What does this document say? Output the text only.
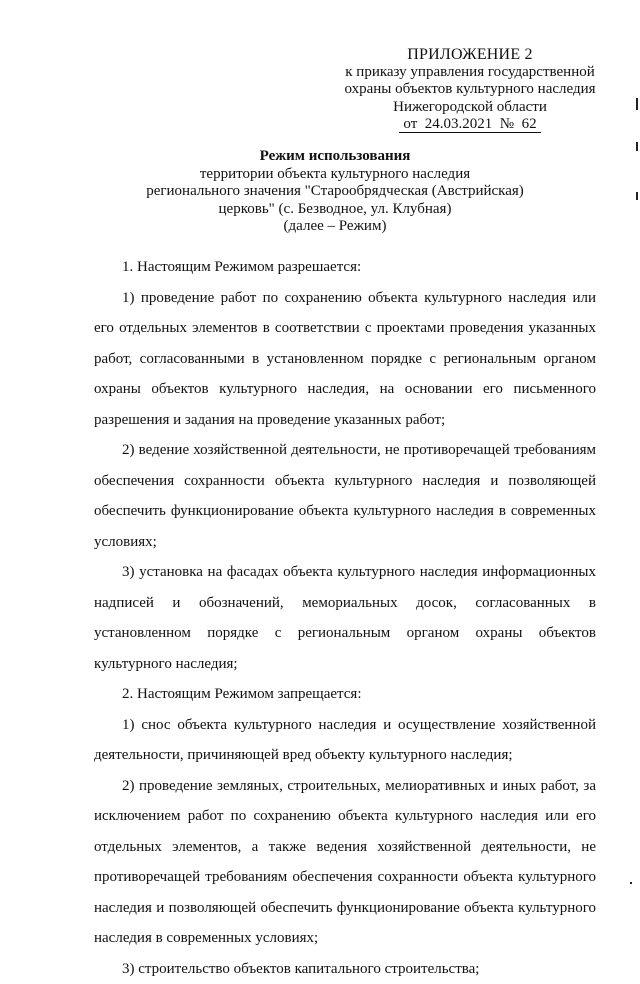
ПРИЛОЖЕНИЕ 2
к приказу управления государственной
охраны объектов культурного наследия
Нижегородской области
от  24.03.2021  №  62
Режим использования
территории объекта культурного наследия
регионального значения "Старообрядческая (Австрийская)
церковь" (с. Безводное, ул. Клубная)
(далее – Режим)

1. Настоящим Режимом разрешается:

1) проведение работ по сохранению объекта культурного наследия или его отдельных элементов в соответствии с проектами проведения указанных работ, согласованными в установленном порядке с региональным органом охраны объектов культурного наследия, на основании его письменного разрешения и задания на проведение указанных работ;

2) ведение хозяйственной деятельности, не противоречащей требованиям обеспечения сохранности объекта культурного наследия и позволяющей обеспечить функционирование объекта культурного наследия в современных условиях;

3) установка на фасадах объекта культурного наследия информационных надписей и обозначений, мемориальных досок, согласованных в установленном порядке с региональным органом охраны объектов культурного наследия;

2. Настоящим Режимом запрещается:

1) снос объекта культурного наследия и осуществление хозяйственной деятельности, причиняющей вред объекту культурного наследия;

2) проведение земляных, строительных, мелиоративных и иных работ, за исключением работ по сохранению объекта культурного наследия или его отдельных элементов, а также ведения хозяйственной деятельности, не противоречащей требованиям обеспечения сохранности объекта культурного наследия и позволяющей обеспечить функционирование объекта культурного наследия в современных условиях;

3) строительство объектов капитального строительства;
